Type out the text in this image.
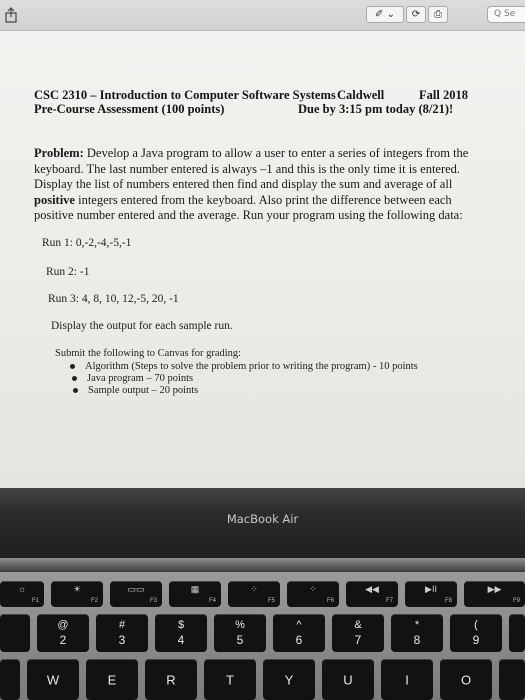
✐ ⌄	⟳	⎙	Q Se
CSC 2310 – Introduction to Computer Software Systems Caldwell	Fall 2018
Pre-Course Assessment (100 points)	Due by 3:15 pm today (8/21)!
Problem: Develop a Java program to allow a user to enter a series of integers from the keyboard. The last number entered is always –1 and this is the only time it is entered. Display the list of numbers entered then find and display the sum and average of all positive integers entered from the keyboard. Also print the difference between each positive number entered and the average. Run your program using the following data:
Run 1: 0,-2,-4,-5,-1
Run 2: -1
Run 3: 4, 8, 10, 12,-5, 20, -1
Display the output for each sample run.
Submit the following to Canvas for grading:
Algorithm (Steps to solve the problem prior to writing the program) - 10 points
Java program – 70 points
Sample output – 20 points
MacBook Air
☼
F1
☀
F2
▭▭
F3
▦
F4
⁘
F5
⁘
F6
◀◀
F7
▶II
F8
▶▶
F9
@
2
#
3
$
4
%
5
^
6
&
7
*
8
(
9
W	E	R	T	Y	U	I	O
